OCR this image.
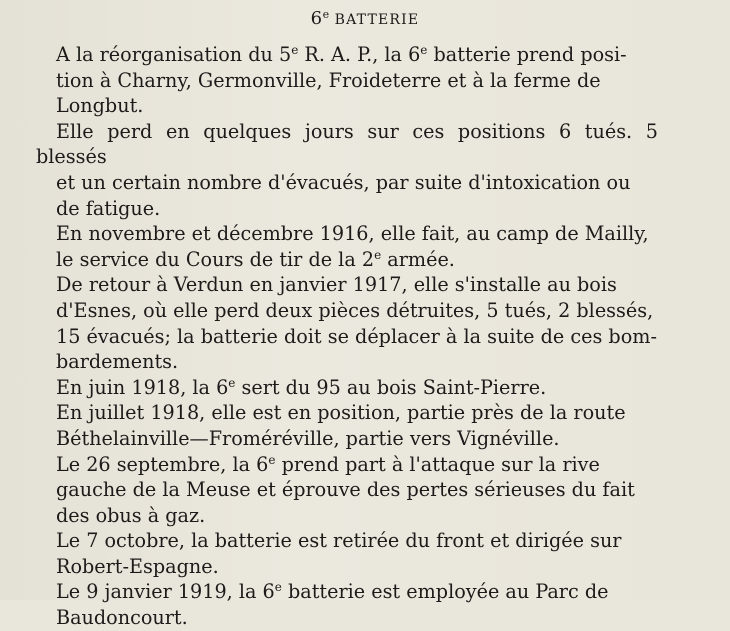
6e BATTERIE

A la réorganisation du 5e R. A. P., la 6e batterie prend posi-
tion à Charny, Germonville, Froideterre et à la ferme de
Longbut.

Elle perd en quelques jours sur ces positions 6 tués. 5 blessés
et un certain nombre d'évacués, par suite d'intoxication ou
de fatigue.

En novembre et décembre 1916, elle fait, au camp de Mailly,
le service du Cours de tir de la 2e armée.

De retour à Verdun en janvier 1917, elle s'installe au bois
d'Esnes, où elle perd deux pièces détruites, 5 tués, 2 blessés,
15 évacués; la batterie doit se déplacer à la suite de ces bom-
bardements.

En juin 1918, la 6e sert du 95 au bois Saint-Pierre.

En juillet 1918, elle est en position, partie près de la route
Béthelainville—Froméréville, partie vers Vignéville.

Le 26 septembre, la 6e prend part à l'attaque sur la rive
gauche de la Meuse et éprouve des pertes sérieuses du fait
des obus à gaz.

Le 7 octobre, la batterie est retirée du front et dirigée sur
Robert-Espagne.

Le 9 janvier 1919, la 6e batterie est employée au Parc de
Baudoncourt.
